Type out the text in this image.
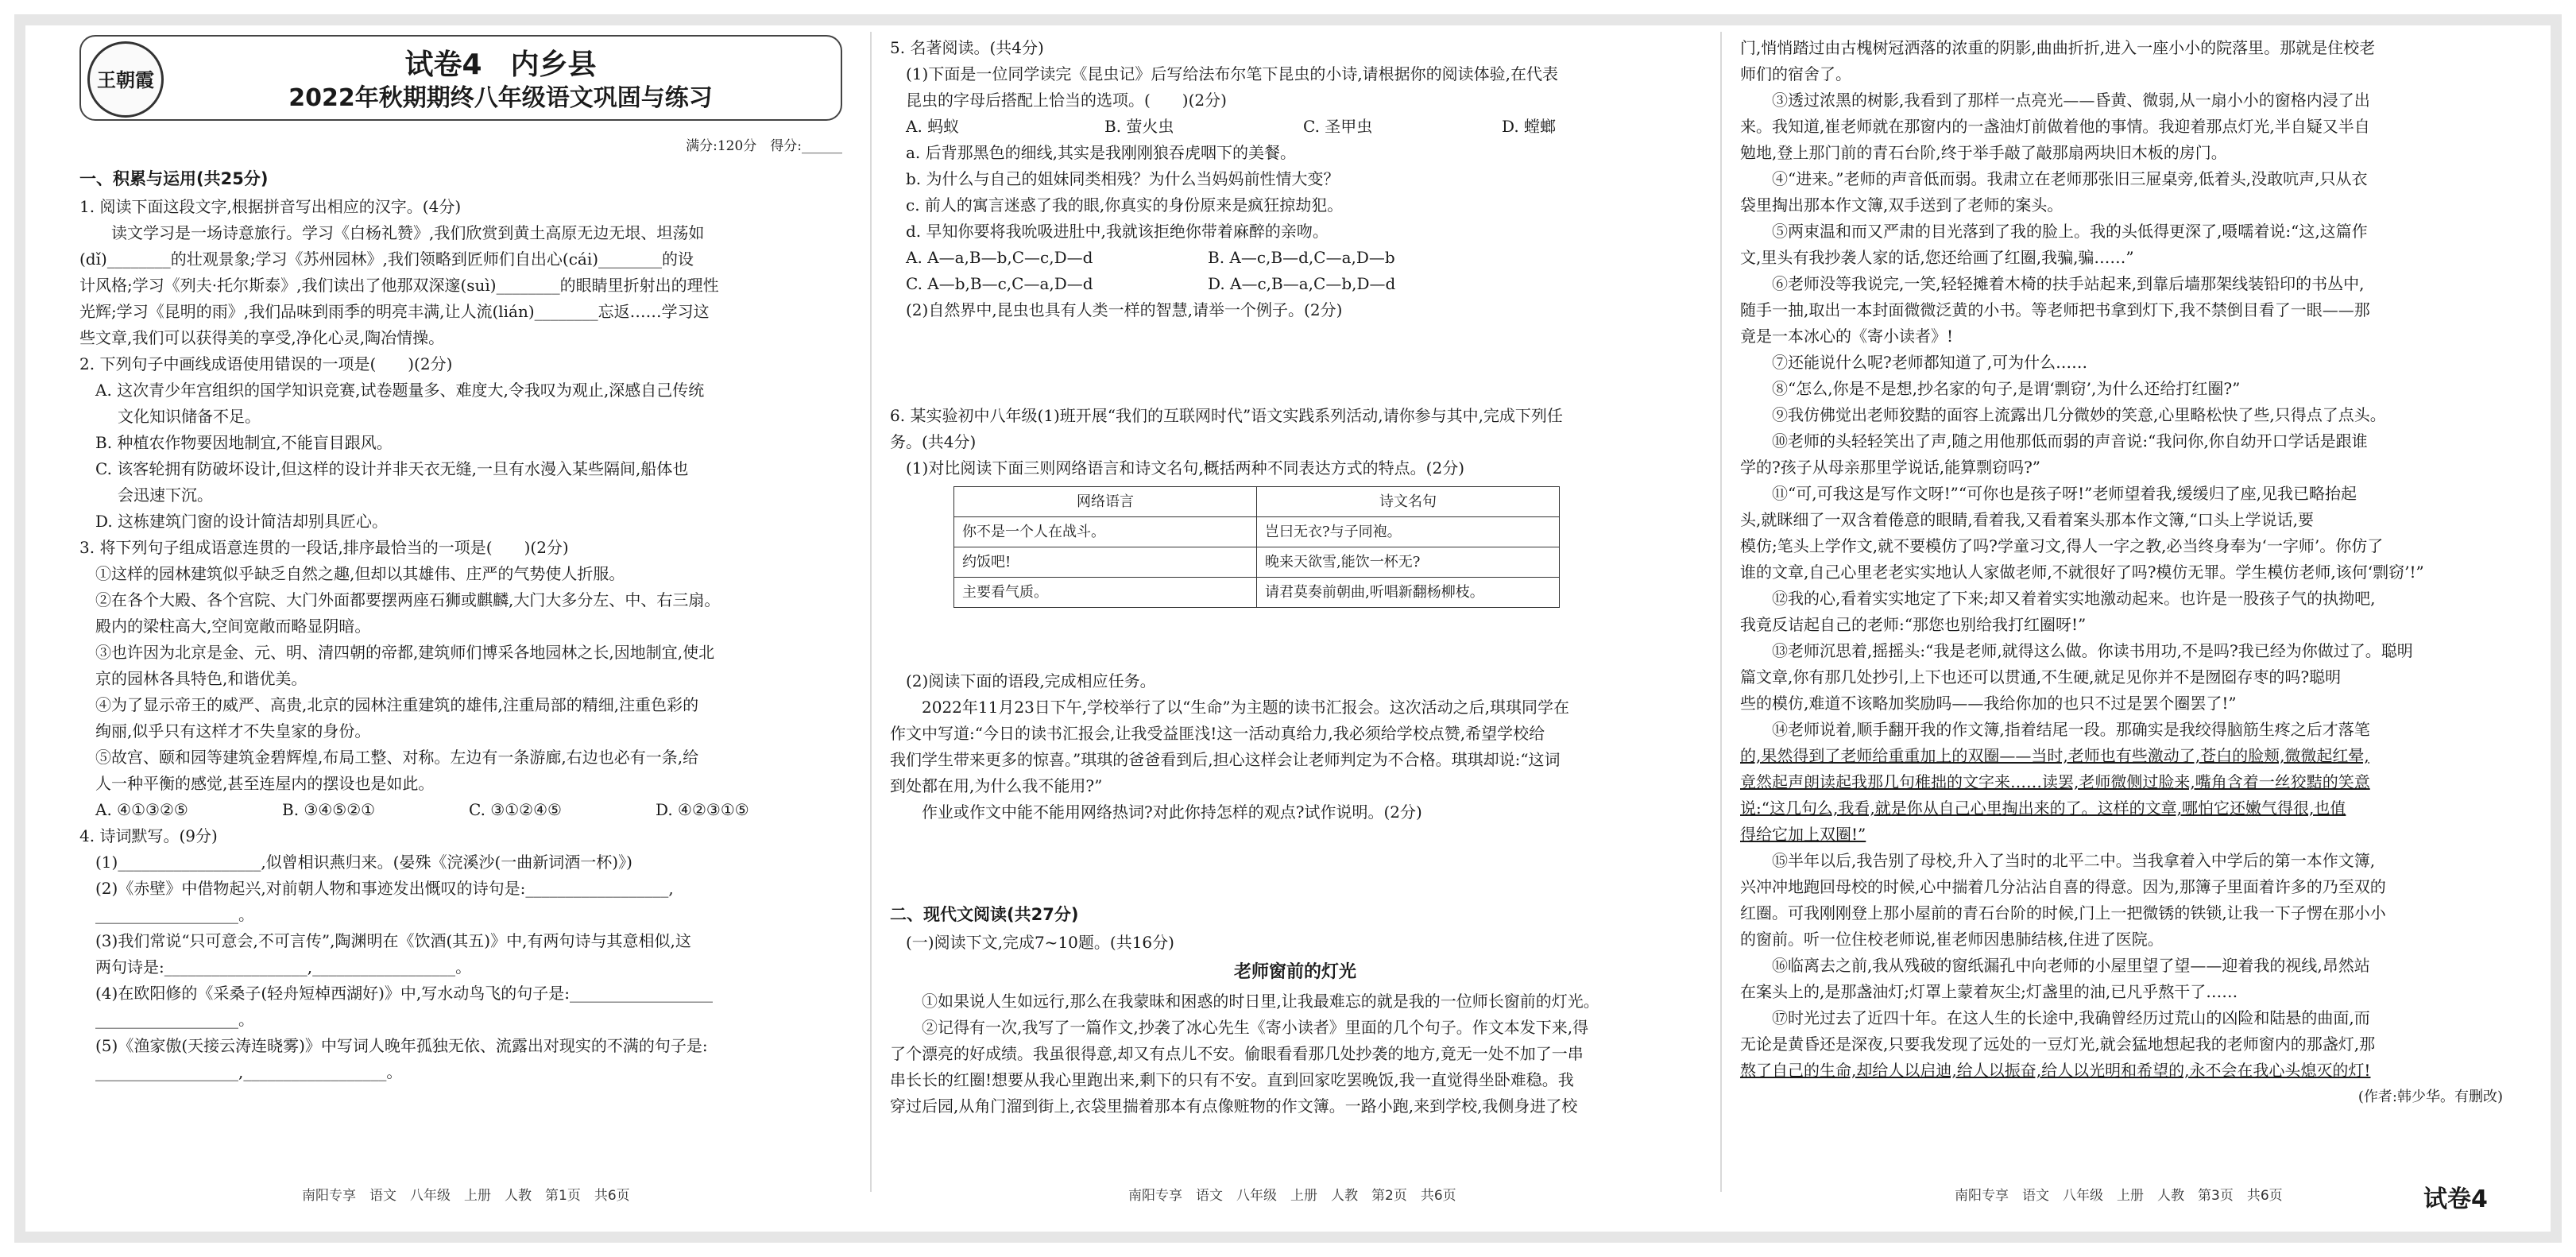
王朝霞	试卷4　内乡县
2022年秋期期终八年级语文巩固与练习
满分:120分　得分:______
一、积累与运用(共25分)

1. 阅读下面这段文字,根据拼音写出相应的汉字。(4分)

读文学习是一场诗意旅行。学习《白杨礼赞》,我们欣赏到黄土高原无边无垠、坦荡如

(dǐ)________的壮观景象;学习《苏州园林》,我们领略到匠师们自出心(cái)________的设

计风格;学习《列夫·托尔斯泰》,我们读出了他那双深邃(suì)________的眼睛里折射出的理性

光辉;学习《昆明的雨》,我们品味到雨季的明亮丰满,让人流(lián)________忘返……学习这

些文章,我们可以获得美的享受,净化心灵,陶冶情操。

2. 下列句子中画线成语使用错误的一项是(　　)(2分)

A. 这次青少年宫组织的国学知识竞赛,试卷题量多、难度大,令我叹为观止,深感自己传统

文化知识储备不足。

B. 种植农作物要因地制宜,不能盲目跟风。

C. 该客轮拥有防破坏设计,但这样的设计并非天衣无缝,一旦有水漫入某些隔间,船体也

会迅速下沉。

D. 这栋建筑门窗的设计简洁却别具匠心。

3. 将下列句子组成语意连贯的一段话,排序最恰当的一项是(　　)(2分)

①这样的园林建筑似乎缺乏自然之趣,但却以其雄伟、庄严的气势使人折服。

②在各个大殿、各个宫院、大门外面都要摆两座石狮或麒麟,大门大多分左、中、右三扇。

殿内的梁柱高大,空间宽敞而略显阴暗。

③也许因为北京是金、元、明、清四朝的帝都,建筑师们博采各地园林之长,因地制宜,使北

京的园林各具特色,和谐优美。

④为了显示帝王的威严、高贵,北京的园林注重建筑的雄伟,注重局部的精细,注重色彩的

绚丽,似乎只有这样才不失皇家的身份。

⑤故宫、颐和园等建筑金碧辉煌,布局工整、对称。左边有一条游廊,右边也必有一条,给

人一种平衡的感觉,甚至连屋内的摆设也是如此。

A. ④①③②⑤	B. ③④⑤②①	C. ③①②④⑤	D. ④②③①⑤

4. 诗词默写。(9分)

(1)__________________,似曾相识燕归来。(晏殊《浣溪沙(一曲新词酒一杯)》)

(2)《赤壁》中借物起兴,对前朝人物和事迹发出慨叹的诗句是:__________________,

__________________。

(3)我们常说“只可意会,不可言传”,陶渊明在《饮酒(其五)》中,有两句诗与其意相似,这

两句诗是:__________________,__________________。

(4)在欧阳修的《采桑子(轻舟短棹西湖好)》中,写水动鸟飞的句子是:__________________

__________________。

(5)《渔家傲(天接云涛连晓雾)》中写词人晚年孤独无依、流露出对现实的不满的句子是:

__________________,__________________。

5. 名著阅读。(共4分)

(1)下面是一位同学读完《昆虫记》后写给法布尔笔下昆虫的小诗,请根据你的阅读体验,在代表

昆虫的字母后搭配上恰当的选项。(　　)(2分)

A. 蚂蚁	B. 萤火虫	C. 圣甲虫	D. 螳螂

a. 后背那黑色的细线,其实是我刚刚狼吞虎咽下的美餐。

b. 为什么与自己的姐妹同类相残？为什么当妈妈前性情大变？

c. 前人的寓言迷惑了我的眼,你真实的身份原来是疯狂掠劫犯。

d. 早知你要将我吮吸进肚中,我就该拒绝你带着麻醉的亲吻。

A. A—a,B—b,C—c,D—d	B. A—c,B—d,C—a,D—b
C. A—b,B—c,C—a,D—d	D. A—c,B—a,C—b,D—d

(2)自然界中,昆虫也具有人类一样的智慧,请举一个例子。(2分)

6. 某实验初中八年级(1)班开展“我们的互联网时代”语文实践系列活动,请你参与其中,完成下列任

务。(共4分)

(1)对比阅读下面三则网络语言和诗文名句,概括两种不同表达方式的特点。(2分)

网络语言	诗文名句
你不是一个人在战斗。	岂曰无衣?与子同袍。
约饭吧!	晚来天欲雪,能饮一杯无?
主要看气质。	请君莫奏前朝曲,听唱新翻杨柳枝。

(2)阅读下面的语段,完成相应任务。

2022年11月23日下午,学校举行了以“生命”为主题的读书汇报会。这次活动之后,琪琪同学在

作文中写道:“今日的读书汇报会,让我受益匪浅!这一活动真给力,我必须给学校点赞,希望学校给

我们学生带来更多的惊喜。”琪琪的爸爸看到后,担心这样会让老师判定为不合格。琪琪却说:“这词

到处都在用,为什么我不能用?”

作业或作文中能不能用网络热词?对此你持怎样的观点?试作说明。(2分)

二、现代文阅读(共27分)

(一)阅读下文,完成7~10题。(共16分)

老师窗前的灯光

①如果说人生如远行,那么在我蒙昧和困惑的时日里,让我最难忘的就是我的一位师长窗前的灯光。

②记得有一次,我写了一篇作文,抄袭了冰心先生《寄小读者》里面的几个句子。作文本发下来,得

了个漂亮的好成绩。我虽很得意,却又有点儿不安。偷眼看看那几处抄袭的地方,竟无一处不加了一串

串长长的红圈!想要从我心里跑出来,剩下的只有不安。直到回家吃罢晚饭,我一直觉得坐卧难稳。我

穿过后园,从角门溜到街上,衣袋里揣着那本有点像赃物的作文簿。一路小跑,来到学校,我侧身进了校

门,悄悄踏过由古槐树冠洒落的浓重的阴影,曲曲折折,进入一座小小的院落里。那就是住校老

师们的宿舍了。

③透过浓黑的树影,我看到了那样一点亮光——昏黄、微弱,从一扇小小的窗格内浸了出

来。我知道,崔老师就在那窗内的一盏油灯前做着他的事情。我迎着那点灯光,半自疑又半自

勉地,登上那门前的青石台阶,终于举手敲了敲那扇两块旧木板的房门。

④“进来。”老师的声音低而弱。我肃立在老师那张旧三屉桌旁,低着头,没敢吭声,只从衣

袋里掏出那本作文簿,双手送到了老师的案头。

⑤两束温和而又严肃的目光落到了我的脸上。我的头低得更深了,嗫嚅着说:“这,这篇作

文,里头有我抄袭人家的话,您还给画了红圈,我骗,骗……”

⑥老师没等我说完,一笑,轻轻摊着木椅的扶手站起来,到靠后墙那架线装铅印的书丛中,

随手一抽,取出一本封面微微泛黄的小书。等老师把书拿到灯下,我不禁倒目看了一眼——那

竟是一本冰心的《寄小读者》!

⑦还能说什么呢?老师都知道了,可为什么……

⑧“怎么,你是不是想,抄名家的句子,是谓‘剽窃’,为什么还给打红圈?”

⑨我仿佛觉出老师狡黠的面容上流露出几分微妙的笑意,心里略松快了些,只得点了点头。

⑩老师的头轻轻笑出了声,随之用他那低而弱的声音说:“我问你,你自幼开口学话是跟谁

学的?孩子从母亲那里学说话,能算剽窃吗?”

⑪“可,可我这是写作文呀!”“可你也是孩子呀!”老师望着我,缓缓归了座,见我已略抬起

头,就眯细了一双含着倦意的眼睛,看着我,又看着案头那本作文簿,“口头上学说话,要

模仿;笔头上学作文,就不要模仿了吗?学童习文,得人一字之教,必当终身奉为‘一字师’。你仿了

谁的文章,自己心里老老实实地认人家做老师,不就很好了吗?模仿无罪。学生模仿老师,该何‘剽窃’!”

⑫我的心,看着实实地定了下来;却又着着实实地激动起来。也许是一股孩子气的执拗吧,

我竟反诘起自己的老师:“那您也别给我打红圈呀!”

⑬老师沉思着,摇摇头:“我是老师,就得这么做。你读书用功,不是吗?我已经为你做过了。聪明

篇文章,你有那几处抄引,上下也还可以贯通,不生硬,就足见你并不是囫囵存枣的吗?聪明

些的模仿,难道不该略加奖励吗——我给你加的也只不过是罢个圈罢了!”

⑭老师说着,顺手翻开我的作文簿,指着结尾一段。那确实是我绞得脑筋生疼之后才落笔

的,果然得到了老师给重重加上的双圈——当时,老师也有些激动了,苍白的脸颊,微微起红晕,

竟然起声朗读起我那几句稚拙的文字来……读罢,老师微侧过脸来,嘴角含着一丝狡黠的笑意

说:“这几句么,我看,就是你从自己心里掏出来的了。这样的文章,哪怕它还嫩气得很,也值

得给它加上双圈!”

⑮半年以后,我告别了母校,升入了当时的北平二中。当我拿着入中学后的第一本作文簿,

兴冲冲地跑回母校的时候,心中揣着几分沾沾自喜的得意。因为,那簿子里面着许多的乃至双的

红圈。可我刚刚登上那小屋前的青石台阶的时候,门上一把微锈的铁锁,让我一下子愣在那小小

的窗前。听一位住校老师说,崔老师因患肺结核,住进了医院。

⑯临离去之前,我从残破的窗纸漏孔中向老师的小屋里望了望——迎着我的视线,昂然站

在案头上的,是那盏油灯;灯罩上蒙着灰尘;灯盏里的油,已凡乎熬干了……

⑰时光过去了近四十年。在这人生的长途中,我确曾经历过荒山的凶险和陆悬的曲面,而

无论是黄昏还是深夜,只要我发现了远处的一豆灯光,就会猛地想起我的老师窗内的那盏灯,那

熬了自己的生命,却给人以启迪,给人以振奋,给人以光明和希望的,永不会在我心头熄灭的灯!

(作者:韩少华。有删改)

南阳专享　语文　八年级　上册　人教　第1页　共6页	南阳专享　语文　八年级　上册　人教　第2页　共6页	南阳专享　语文　八年级　上册　人教　第3页　共6页	试卷4
